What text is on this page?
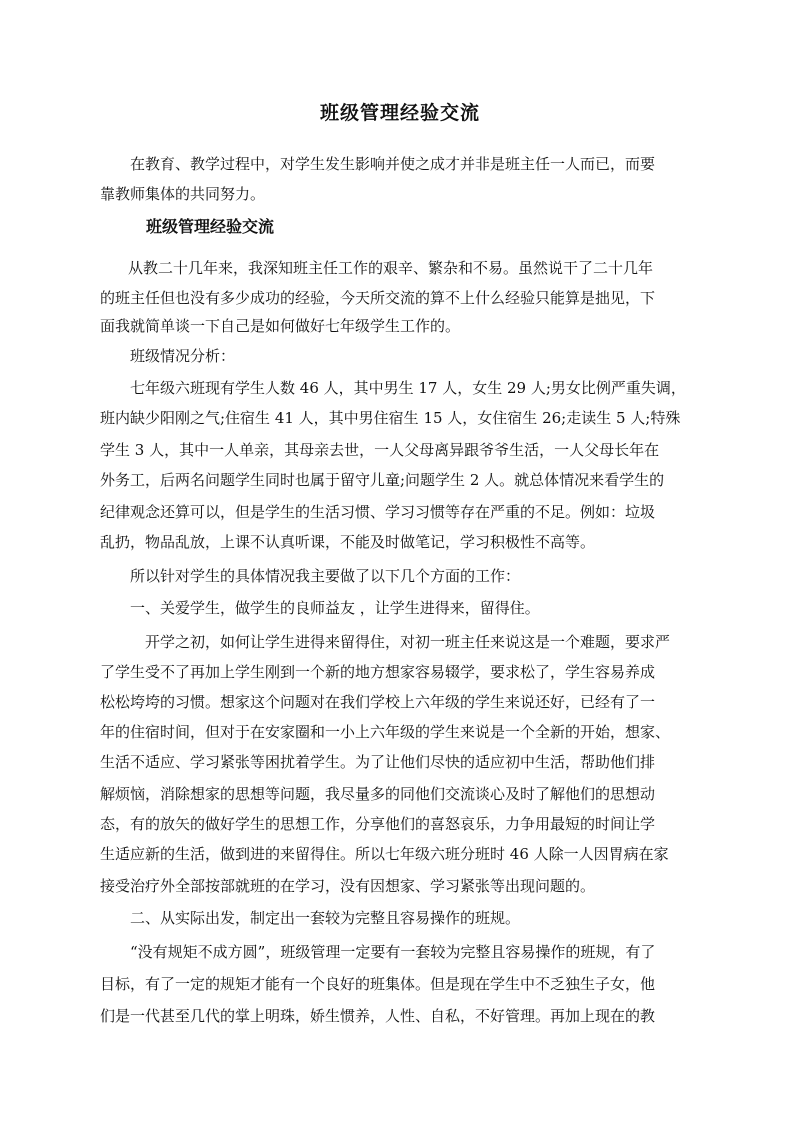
班级管理经验交流

在教育、教学过程中，对学生发生影响并使之成才并非是班主任一人而已，而要

靠教师集体的共同努力。

班级管理经验交流

从教二十几年来，我深知班主任工作的艰辛、繁杂和不易。虽然说干了二十几年

的班主任但也没有多少成功的经验，今天所交流的算不上什么经验只能算是拙见，下

面我就简单谈一下自己是如何做好七年级学生工作的。

班级情况分析：

七年级六班现有学生人数 46 人，其中男生 17 人，女生 29 人;男女比例严重失调，

班内缺少阳刚之气;住宿生 41 人，其中男住宿生 15 人，女住宿生 26;走读生 5 人;特殊

学生 3 人，其中一人单亲，其母亲去世，一人父母离异跟爷爷生活，一人父母长年在

外务工，后两名问题学生同时也属于留守儿童;问题学生 2 人。就总体情况来看学生的

纪律观念还算可以，但是学生的生活习惯、学习习惯等存在严重的不足。例如：垃圾

乱扔，物品乱放，上课不认真听课，不能及时做笔记，学习积极性不高等。

所以针对学生的具体情况我主要做了以下几个方面的工作：

一、关爱学生，做学生的良师益友 ，让学生进得来，留得住。

开学之初，如何让学生进得来留得住，对初一班主任来说这是一个难题，要求严

了学生受不了再加上学生刚到一个新的地方想家容易辍学，要求松了，学生容易养成

松松垮垮的习惯。想家这个问题对在我们学校上六年级的学生来说还好，已经有了一

年的住宿时间，但对于在安家圈和一小上六年级的学生来说是一个全新的开始，想家、

生活不适应、学习紧张等困扰着学生。为了让他们尽快的适应初中生活，帮助他们排

解烦恼，消除想家的思想等问题，我尽量多的同他们交流谈心及时了解他们的思想动

态，有的放矢的做好学生的思想工作，分享他们的喜怒哀乐，力争用最短的时间让学

生适应新的生活，做到进的来留得住。所以七年级六班分班时 46 人除一人因胃病在家

接受治疗外全部按部就班的在学习，没有因想家、学习紧张等出现问题的。

二、从实际出发，制定出一套较为完整且容易操作的班规。

“没有规矩不成方圆”，班级管理一定要有一套较为完整且容易操作的班规，有了

目标，有了一定的规矩才能有一个良好的班集体。但是现在学生中不乏独生子女，他

们是一代甚至几代的掌上明珠，娇生惯养，人性、自私，不好管理。再加上现在的教
